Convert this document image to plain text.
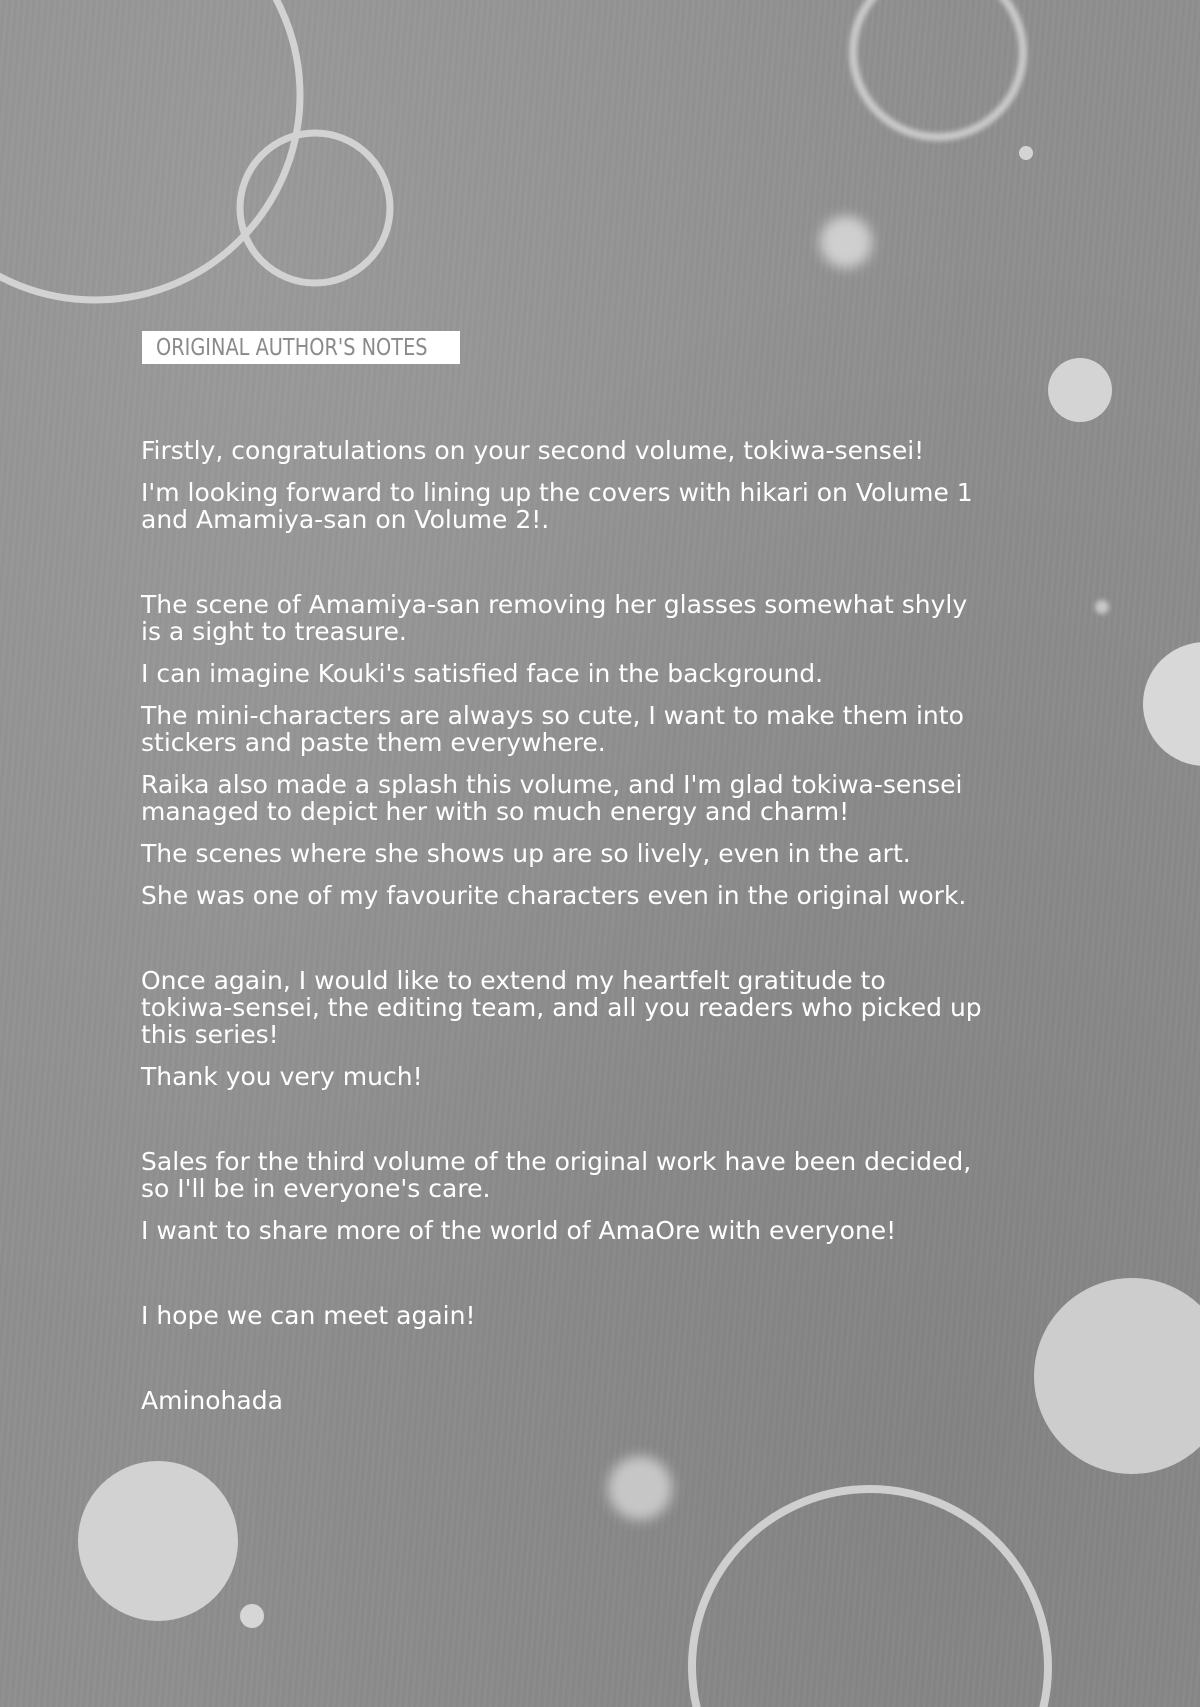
ORIGINAL AUTHOR'S NOTES

Firstly, congratulations on your second volume, tokiwa-sensei!

I'm looking forward to lining up the covers with hikari on Volume 1
and Amamiya-san on Volume 2!.

The scene of Amamiya-san removing her glasses somewhat shyly
is a sight to treasure.

I can imagine Kouki's satisfied face in the background.

The mini-characters are always so cute, I want to make them into
stickers and paste them everywhere.

Raika also made a splash this volume, and I'm glad tokiwa-sensei
managed to depict her with so much energy and charm!

The scenes where she shows up are so lively, even in the art.

She was one of my favourite characters even in the original work.

Once again, I would like to extend my heartfelt gratitude to
tokiwa-sensei, the editing team, and all you readers who picked up
this series!

Thank you very much!

Sales for the third volume of the original work have been decided,
so I'll be in everyone's care.

I want to share more of the world of AmaOre with everyone!

I hope we can meet again!

Aminohada
